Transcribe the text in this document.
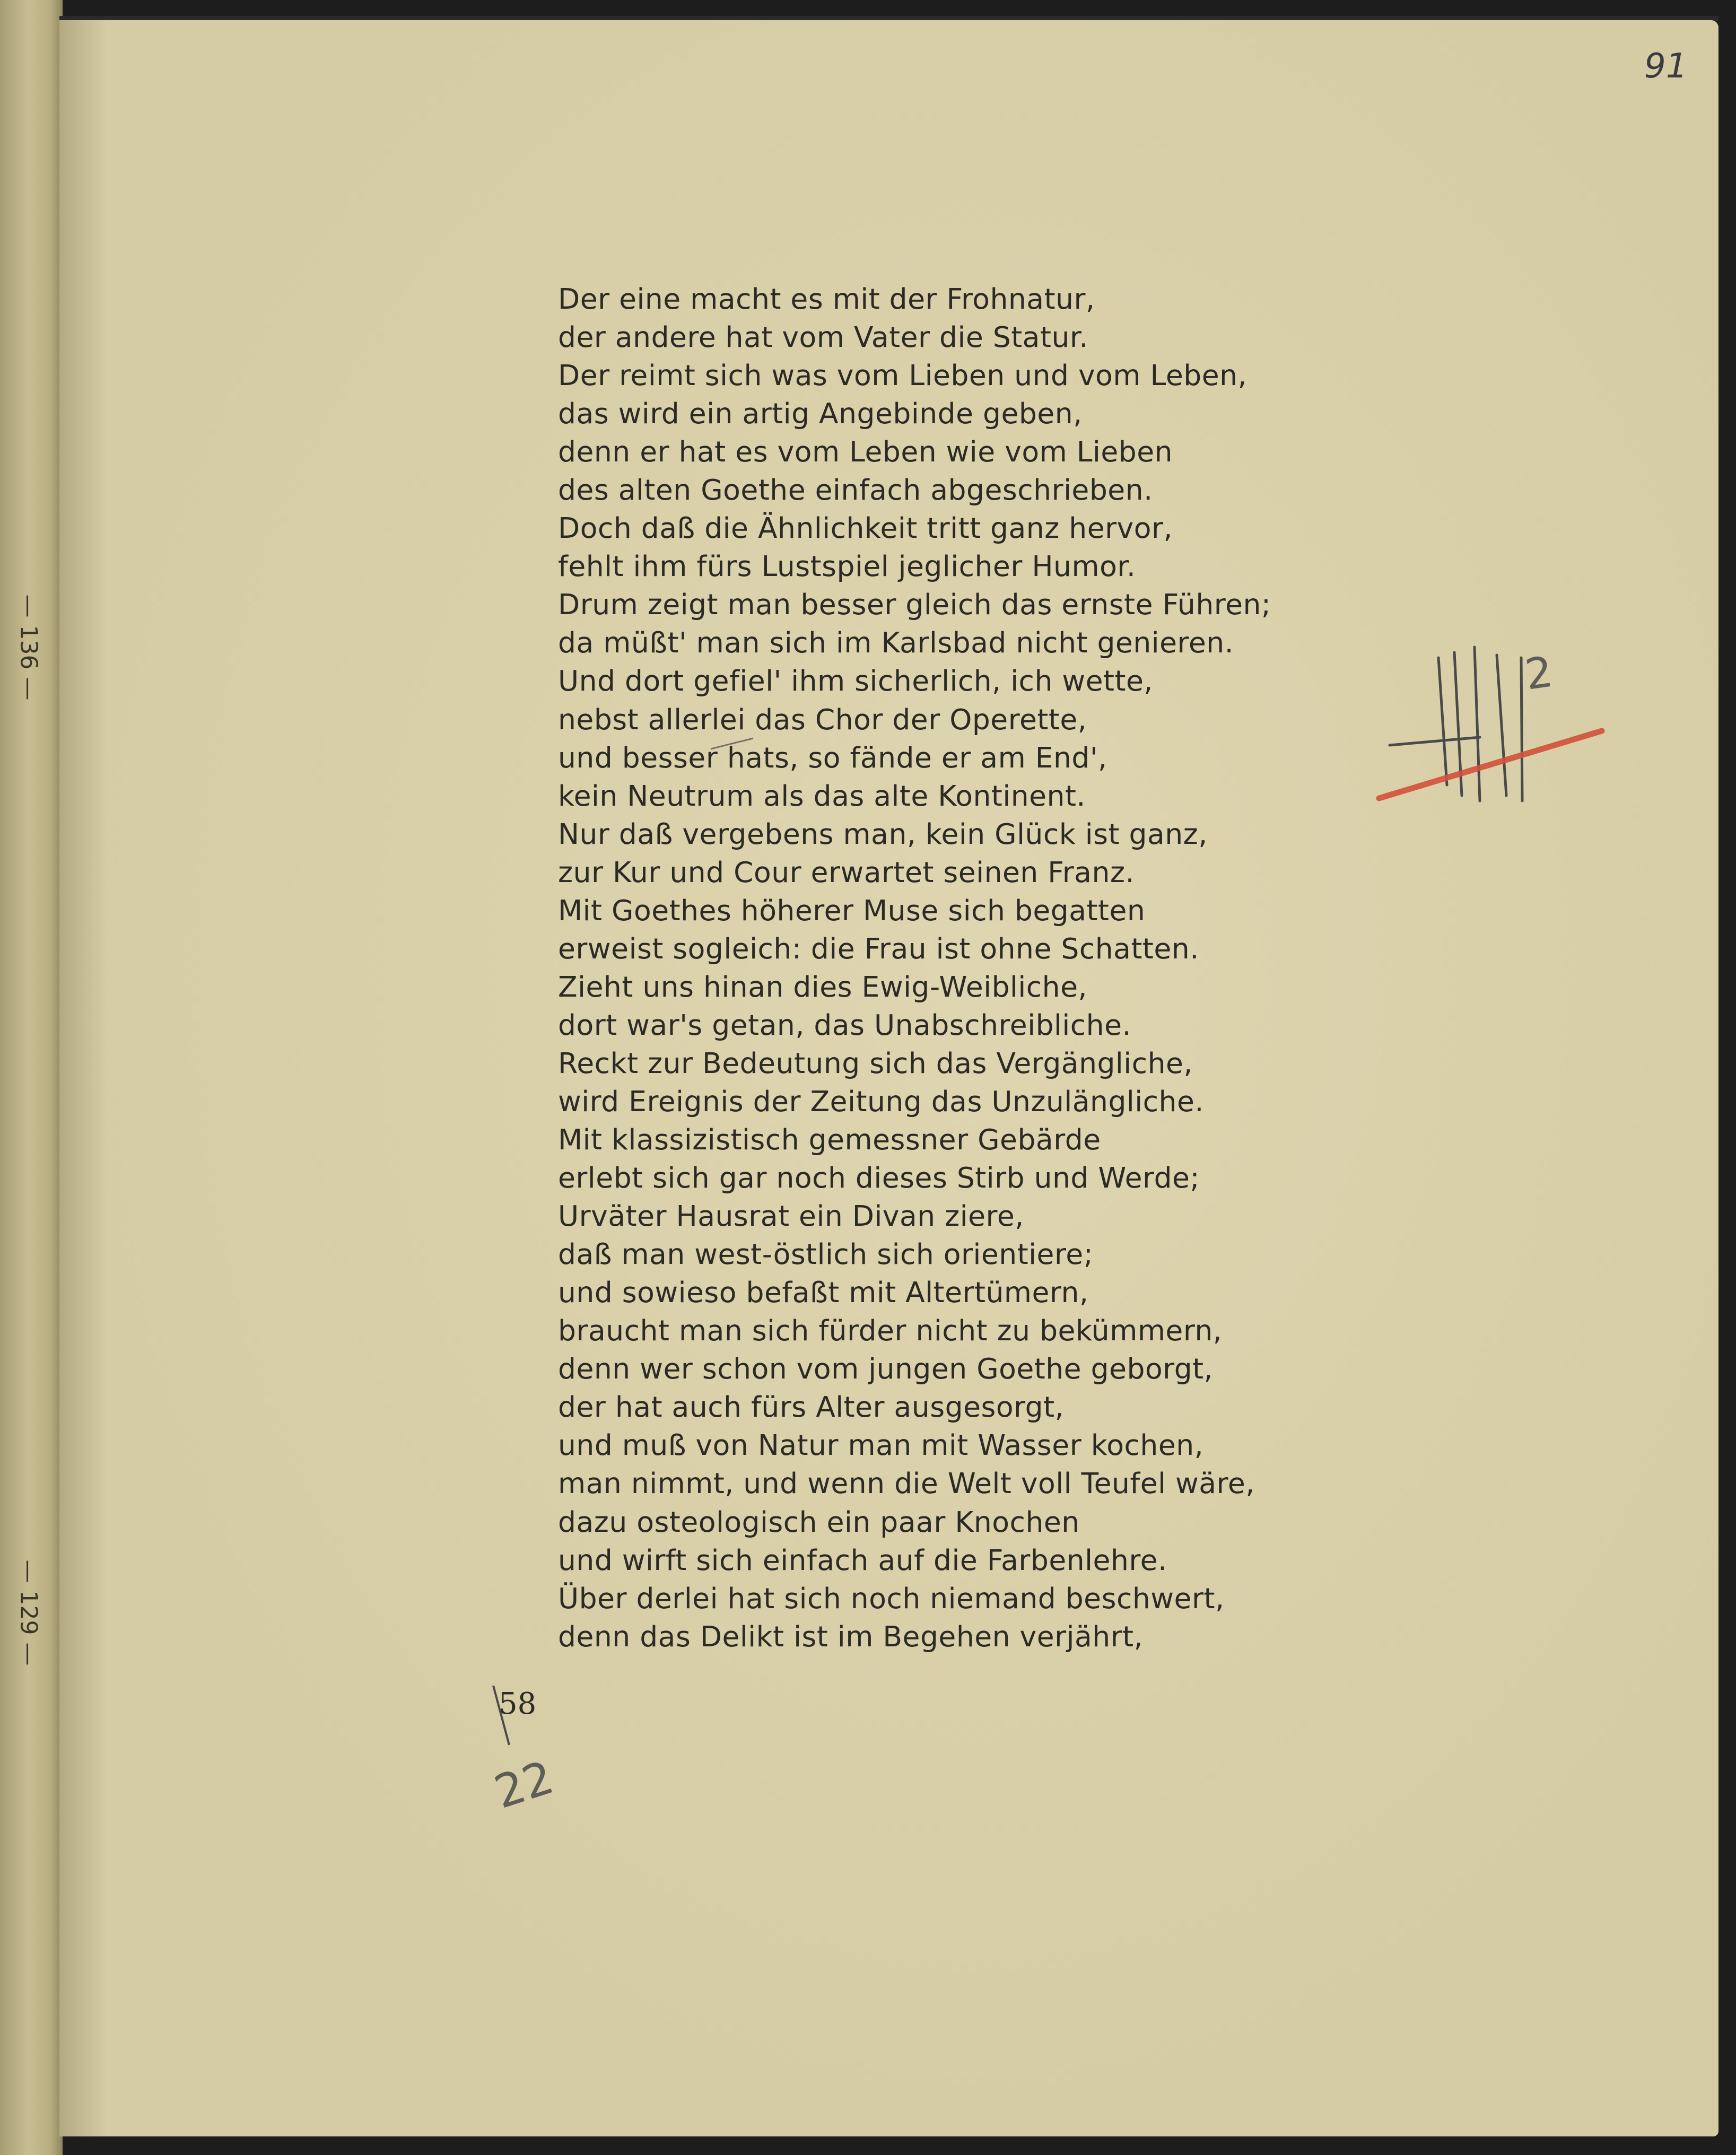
91
Der eine macht es mit der Frohnatur,
der andere hat vom Vater die Statur.
Der reimt sich was vom Lieben und vom Leben,
das wird ein artig Angebinde geben,
denn er hat es vom Leben wie vom Lieben
des alten Goethe einfach abgeschrieben.
Doch daß die Ähnlichkeit tritt ganz hervor,
fehlt ihm fürs Lustspiel jeglicher Humor.
Drum zeigt man besser gleich das ernste Führen;
da müßt' man sich im Karlsbad nicht genieren.
Und dort gefiel' ihm sicherlich, ich wette,
nebst allerlei das Chor der Operette,
und besser hats, so fände er am End',
kein Neutrum als das alte Kontinent.
Nur daß vergebens man, kein Glück ist ganz,
zur Kur und Cour erwartet seinen Franz.
Mit Goethes höherer Muse sich begatten
erweist sogleich: die Frau ist ohne Schatten.
Zieht uns hinan dies Ewig-Weibliche,
dort war's getan, das Unabschreibliche.
Reckt zur Bedeutung sich das Vergängliche,
wird Ereignis der Zeitung das Unzulängliche.
Mit klassizistisch gemessner Gebärde
erlebt sich gar noch dieses Stirb und Werde;
Urväter Hausrat ein Divan ziere,
daß man west-östlich sich orientiere;
und sowieso befaßt mit Altertümern,
braucht man sich fürder nicht zu bekümmern,
denn wer schon vom jungen Goethe geborgt,
der hat auch fürs Alter ausgesorgt,
und muß von Natur man mit Wasser kochen,
man nimmt, und wenn die Welt voll Teufel wäre,
dazu osteologisch ein paar Knochen
und wirft sich einfach auf die Farbenlehre.
Über derlei hat sich noch niemand beschwert,
denn das Delikt ist im Begehen verjährt,
58
2
22
